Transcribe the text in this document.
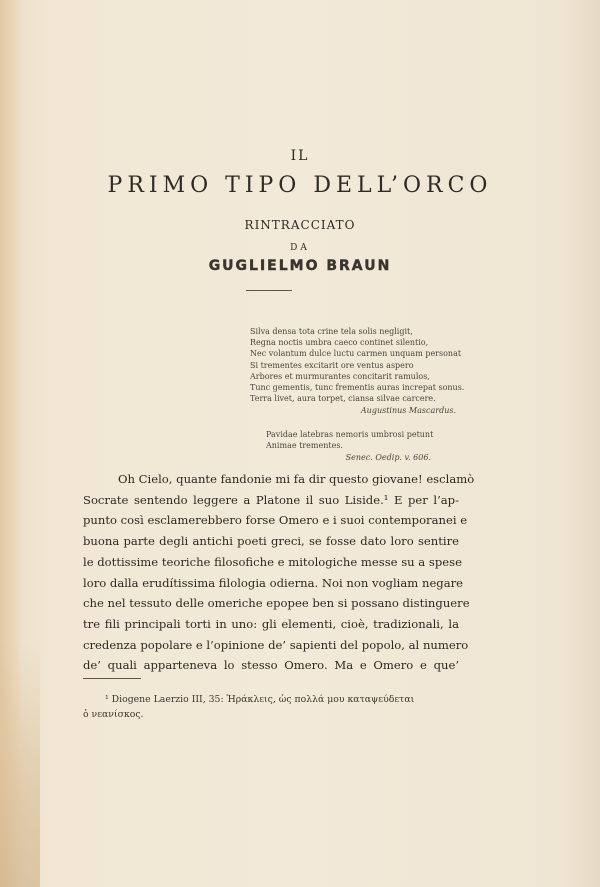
IL
PRIMO TIPO DELL’ORCO
RINTRACCIATO
DA
GUGLIELMO BRAUN
Silva densa tota crine tela solis negligit,
Regna noctis umbra caeco continet silentio,
Nec volantum dulce luctu carmen unquam personat
Si trementes excitarit ore ventus aspero
Arbores et murmurantes concitarit ramulos,
Tunc gementis, tunc frementis auras increpat sonus.
Terra livet, aura torpet, ciansa silvae carcere.
Augustinus Mascardus.
Pavidae latebras nemoris umbrosi petunt
Animae trementes.
Senec. Oedip. v. 606.
Oh Cielo, quante fandonie mi fa dir questo giovane! esclamò
Socrate sentendo leggere a Platone il suo Liside.¹ E per l’ap-
punto così esclamerebbero forse Omero e i suoi contemporanei e
buona parte degli antichi poeti greci, se fosse dato loro sentire
le dottissime teoriche filosofiche e mitologiche messe su a spese
loro dalla erudítissima filologia odierna. Noi non vogliam negare
che nel tessuto delle omeriche epopee ben si possano distinguere
tre fili principali torti in uno: gli elementi, cioè, tradizionali, la
credenza popolare e l’opinione de’ sapienti del popolo, al numero
de’ quali apparteneva lo stesso Omero. Ma e Omero e que’
¹ Diogene Laerzio III, 35: Ἡράκλεις, ὡς πολλά μου καταψεύδεται
ὁ νεανίσκος.
